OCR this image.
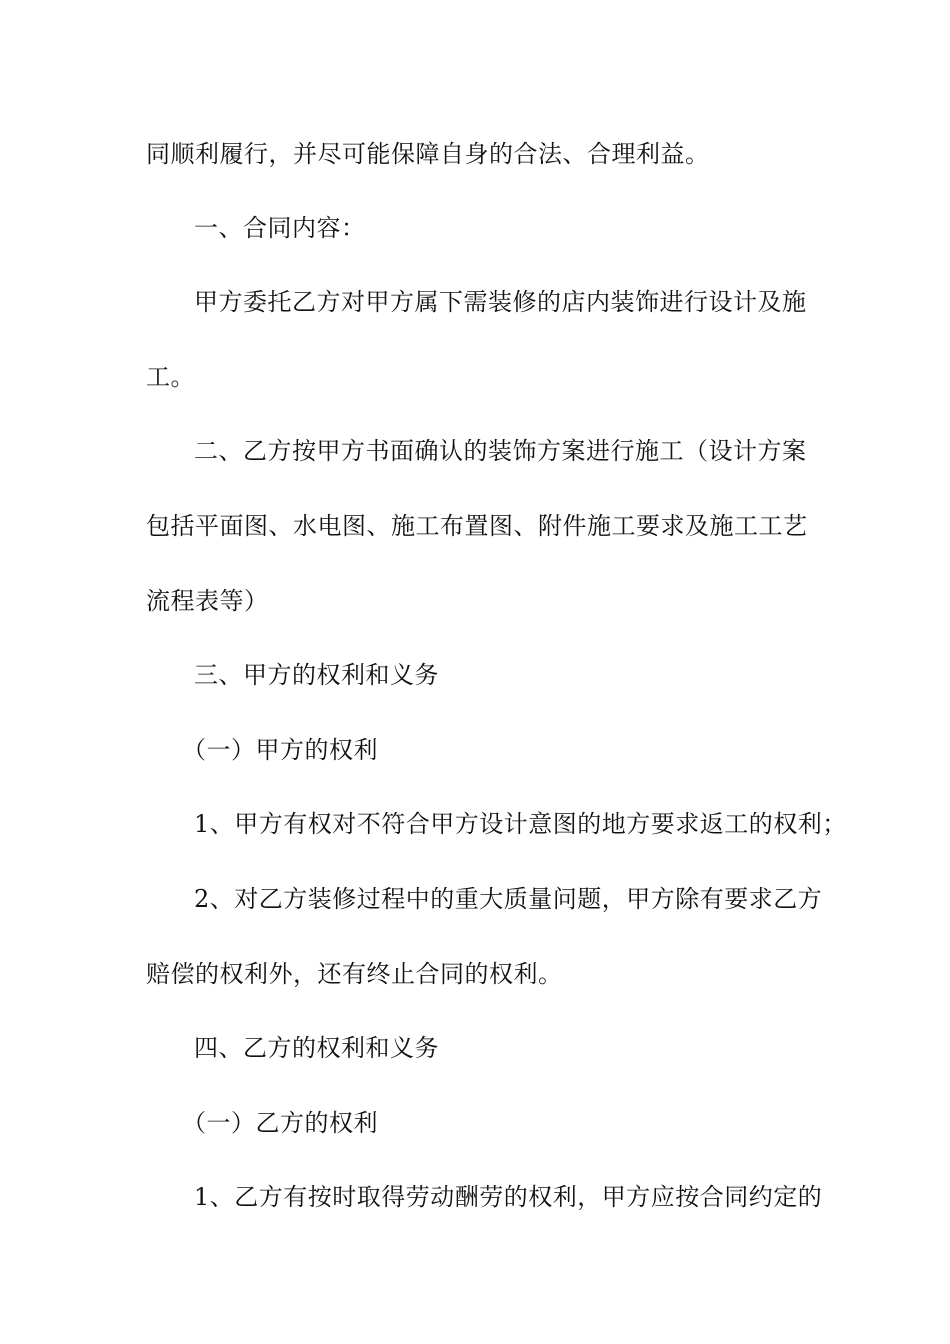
同顺利履行，并尽可能保障自身的合法、合理利益。
一、合同内容：
甲方委托乙方对甲方属下需装修的店内装饰进行设计及施
工。
二、乙方按甲方书面确认的装饰方案进行施工（设计方案
包括平面图、水电图、施工布置图、附件施工要求及施工工艺
流程表等）
三、甲方的权利和义务
（一）甲方的权利
1、甲方有权对不符合甲方设计意图的地方要求返工的权利；
2、对乙方装修过程中的重大质量问题，甲方除有要求乙方
赔偿的权利外，还有终止合同的权利。
四、乙方的权利和义务
（一）乙方的权利
1、乙方有按时取得劳动酬劳的权利，甲方应按合同约定的
